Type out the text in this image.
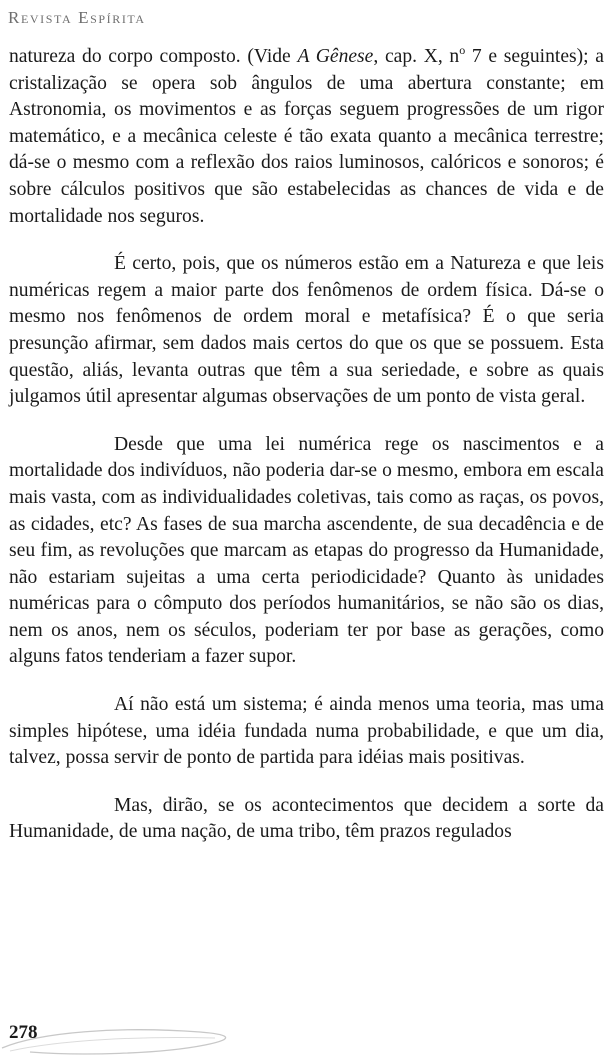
Revista Espírita

natureza do corpo composto. (Vide A Gênese, cap. X, $n^o$ 7 e seguintes); a cristalização se opera sob ângulos de uma abertura constante; em Astronomia, os movimentos e as forças seguem progressões de um rigor matemático, e a mecânica celeste é tão exata quanto a mecânica terrestre; dá-se o mesmo com a reflexão dos raios luminosos, calóricos e sonoros; é sobre cálculos positivos que são estabelecidas as chances de vida e de mortalidade nos seguros.

É certo, pois, que os números estão em a Natureza e que leis numéricas regem a maior parte dos fenômenos de ordem física. Dá-se o mesmo nos fenômenos de ordem moral e metafísica? É o que seria presunção afirmar, sem dados mais certos do que os que se possuem. Esta questão, aliás, levanta outras que têm a sua seriedade, e sobre as quais julgamos útil apresentar algumas observações de um ponto de vista geral.

Desde que uma lei numérica rege os nascimentos e a mortalidade dos indivíduos, não poderia dar-se o mesmo, embora em escala mais vasta, com as individualidades coletivas, tais como as raças, os povos, as cidades, etc? As fases de sua marcha ascendente, de sua decadência e de seu fim, as revoluções que marcam as etapas do progresso da Humanidade, não estariam sujeitas a uma certa periodicidade? Quanto às unidades numéricas para o cômputo dos períodos humanitários, se não são os dias, nem os anos, nem os séculos, poderiam ter por base as gerações, como alguns fatos tenderiam a fazer supor.

Aí não está um sistema; é ainda menos uma teoria, mas uma simples hipótese, uma idéia fundada numa probabilidade, e que um dia, talvez, possa servir de ponto de partida para idéias mais positivas.

Mas, dirão, se os acontecimentos que decidem a sorte da Humanidade, de uma nação, de uma tribo, têm prazos regulados

278
